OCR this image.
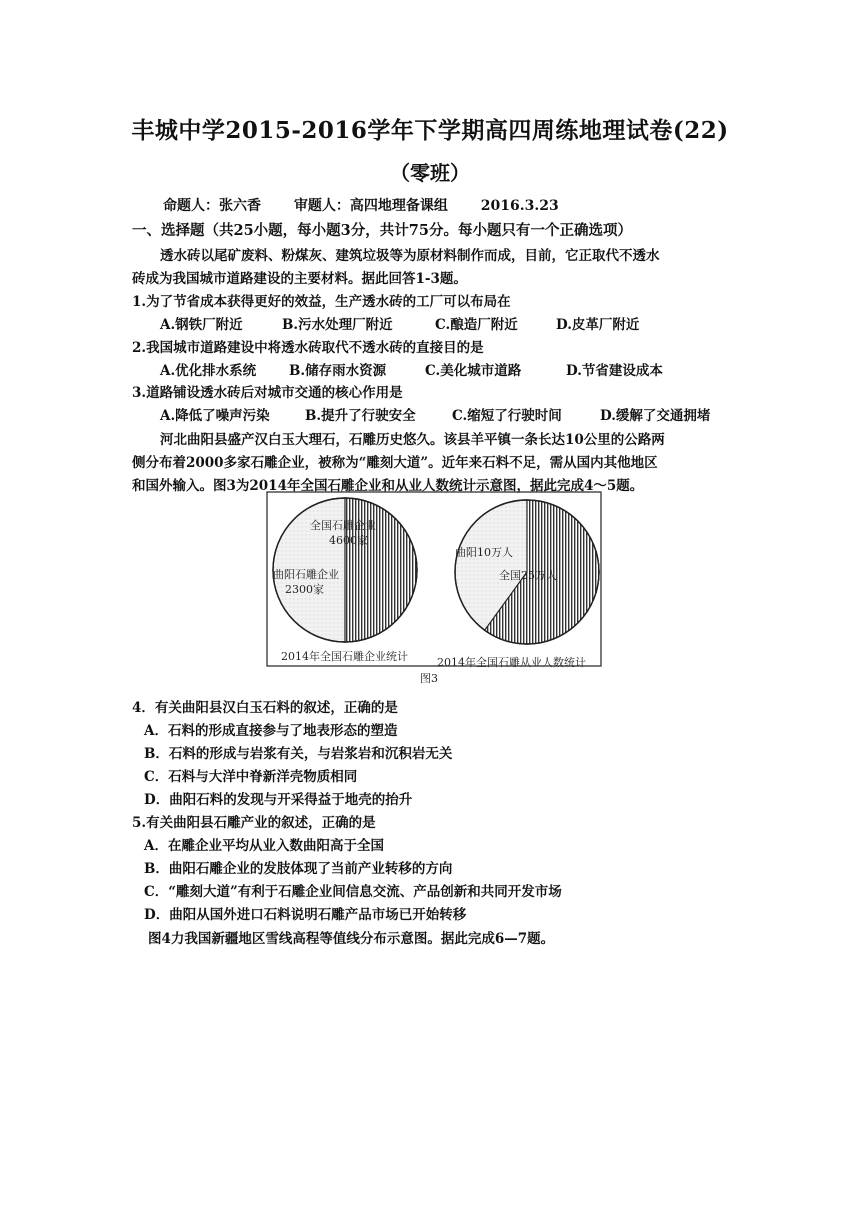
丰城中学2015-2016学年下学期高四周练地理试卷(22)
（零班）
命题人：张六香 审题人：高四地理备课组 2016.3.23
一、选择题（共25小题，每小题3分，共计75分。每小题只有一个正确选项）
透水砖以尾矿废料、粉煤灰、建筑垃圾等为原材料制作而成，目前，它正取代不透水
砖成为我国城市道路建设的主要材料。据此回答1-3题。
1.为了节省成本获得更好的效益，生产透水砖的工厂可以布局在
A.钢铁厂附近	B.污水处理厂附近	C.酿造厂附近	D.皮革厂附近
2.我国城市道路建设中将透水砖取代不透水砖的直接目的是
A.优化排水系统 B.储存雨水资源	C.美化城市道路	D.节省建设成本
3.道路铺设透水砖后对城市交通的核心作用是
A.降低了噪声污染	B.提升了行驶安全	C.缩短了行驶时间	D.缓解了交通拥堵
河北曲阳县盛产汉白玉大理石，石雕历史悠久。该县羊平镇一条长达10公里的公路两
侧分布着2000多家石雕企业，被称为“雕刻大道”。近年来石料不足，需从国内其他地区
和国外输入。图3为2014年全国石雕企业和从业人数统计示意图，据此完成4～5题。
全国石雕企业
4600家
曲阳石雕企业
2300家
曲阳10万人
全国25万人
2014年全国石雕企业统计	2014年全国石雕从业人数统计
图3
4．有关曲阳县汉白玉石料的叙述，正确的是
A．石料的形成直接参与了地表形态的塑造
B．石料的形成与岩浆有关，与岩浆岩和沉积岩无关
C．石料与大洋中脊新洋壳物质相同
D．曲阳石料的发现与开采得益于地壳的抬升
5.有关曲阳县石雕产业的叙述，正确的是
A．在雕企业平均从业入数曲阳高于全国
B．曲阳石雕企业的发肢体现了当前产业转移的方向
C．“雕刻大道”有利于石雕企业间信息交流、产品创新和共同开发市场
D．曲阳从国外进口石料说明石雕产品市场已开始转移
图4力我国新疆地区雪线高程等值线分布示意图。据此完成6—7题。
